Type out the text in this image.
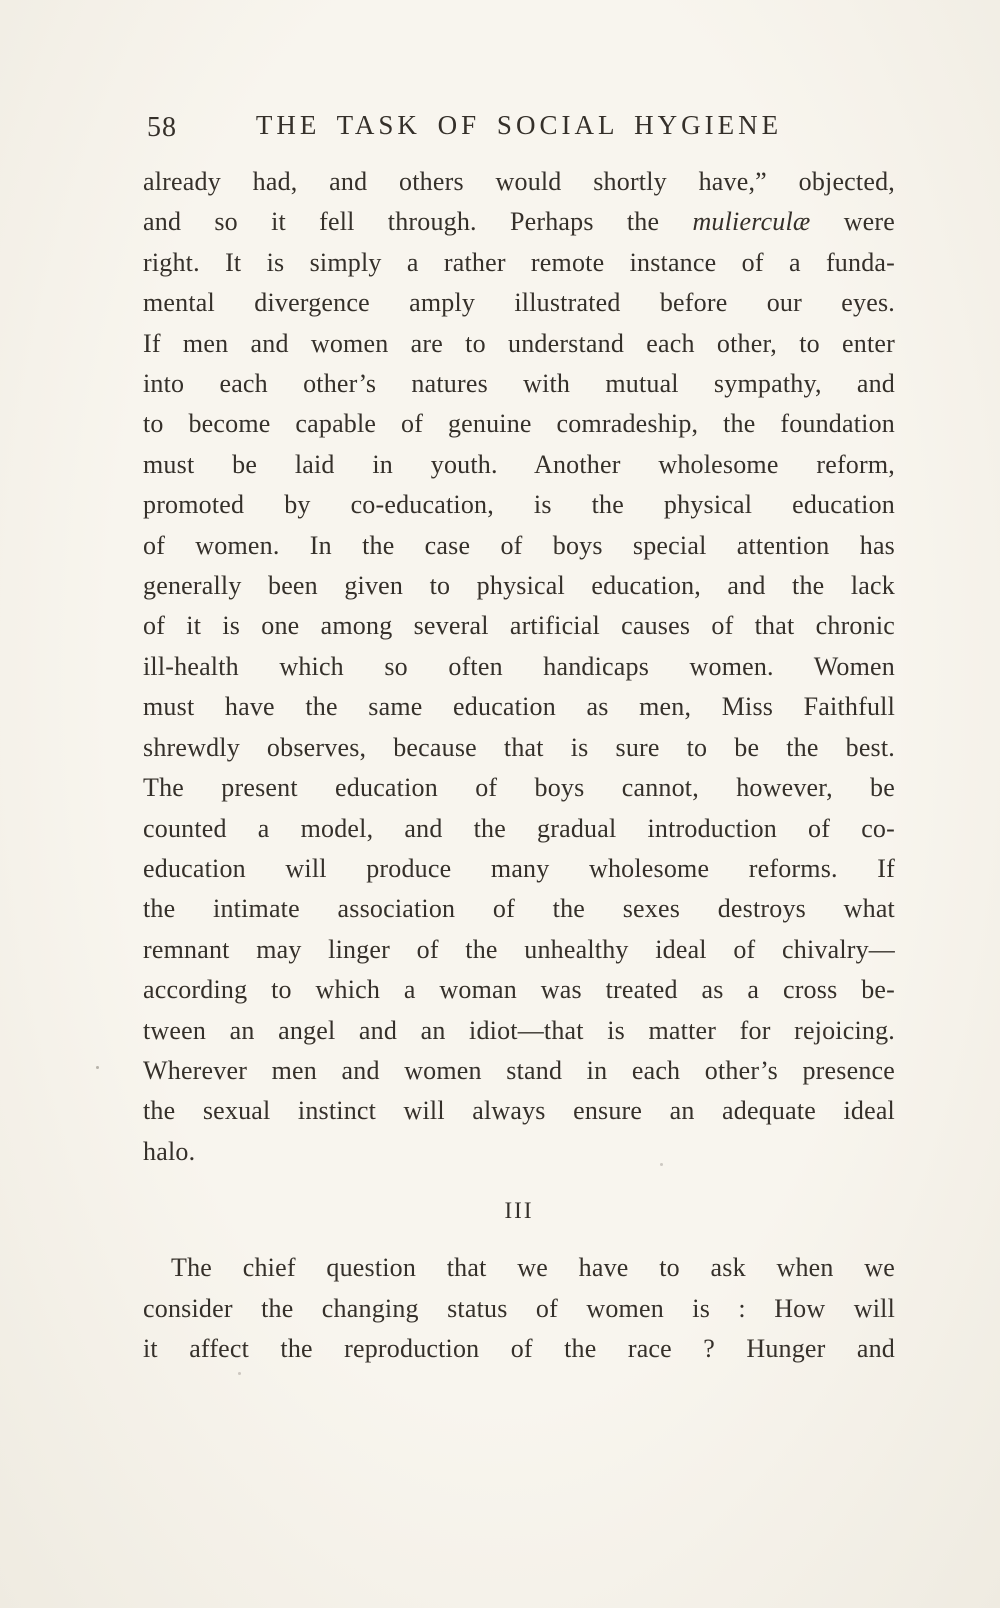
58	THE TASK OF SOCIAL HYGIENE
already had, and others would shortly have,” objected,
and so it fell through. Perhaps the mulierculæ were
right. It is simply a rather remote instance of a funda-
mental divergence amply illustrated before our eyes.
If men and women are to understand each other, to enter
into each other’s natures with mutual sympathy, and
to become capable of genuine comradeship, the foundation
must be laid in youth. Another wholesome reform,
promoted by co-education, is the physical education
of women. In the case of boys special attention has
generally been given to physical education, and the lack
of it is one among several artificial causes of that chronic
ill-health which so often handicaps women. Women
must have the same education as men, Miss Faithfull
shrewdly observes, because that is sure to be the best.
The present education of boys cannot, however, be
counted a model, and the gradual introduction of co-
education will produce many wholesome reforms. If
the intimate association of the sexes destroys what
remnant may linger of the unhealthy ideal of chivalry—
according to which a woman was treated as a cross be-
tween an angel and an idiot—that is matter for rejoicing.
Wherever men and women stand in each other’s presence
the sexual instinct will always ensure an adequate ideal
halo.
III
The chief question that we have to ask when we
consider the changing status of women is : How will
it affect the reproduction of the race ? Hunger and
